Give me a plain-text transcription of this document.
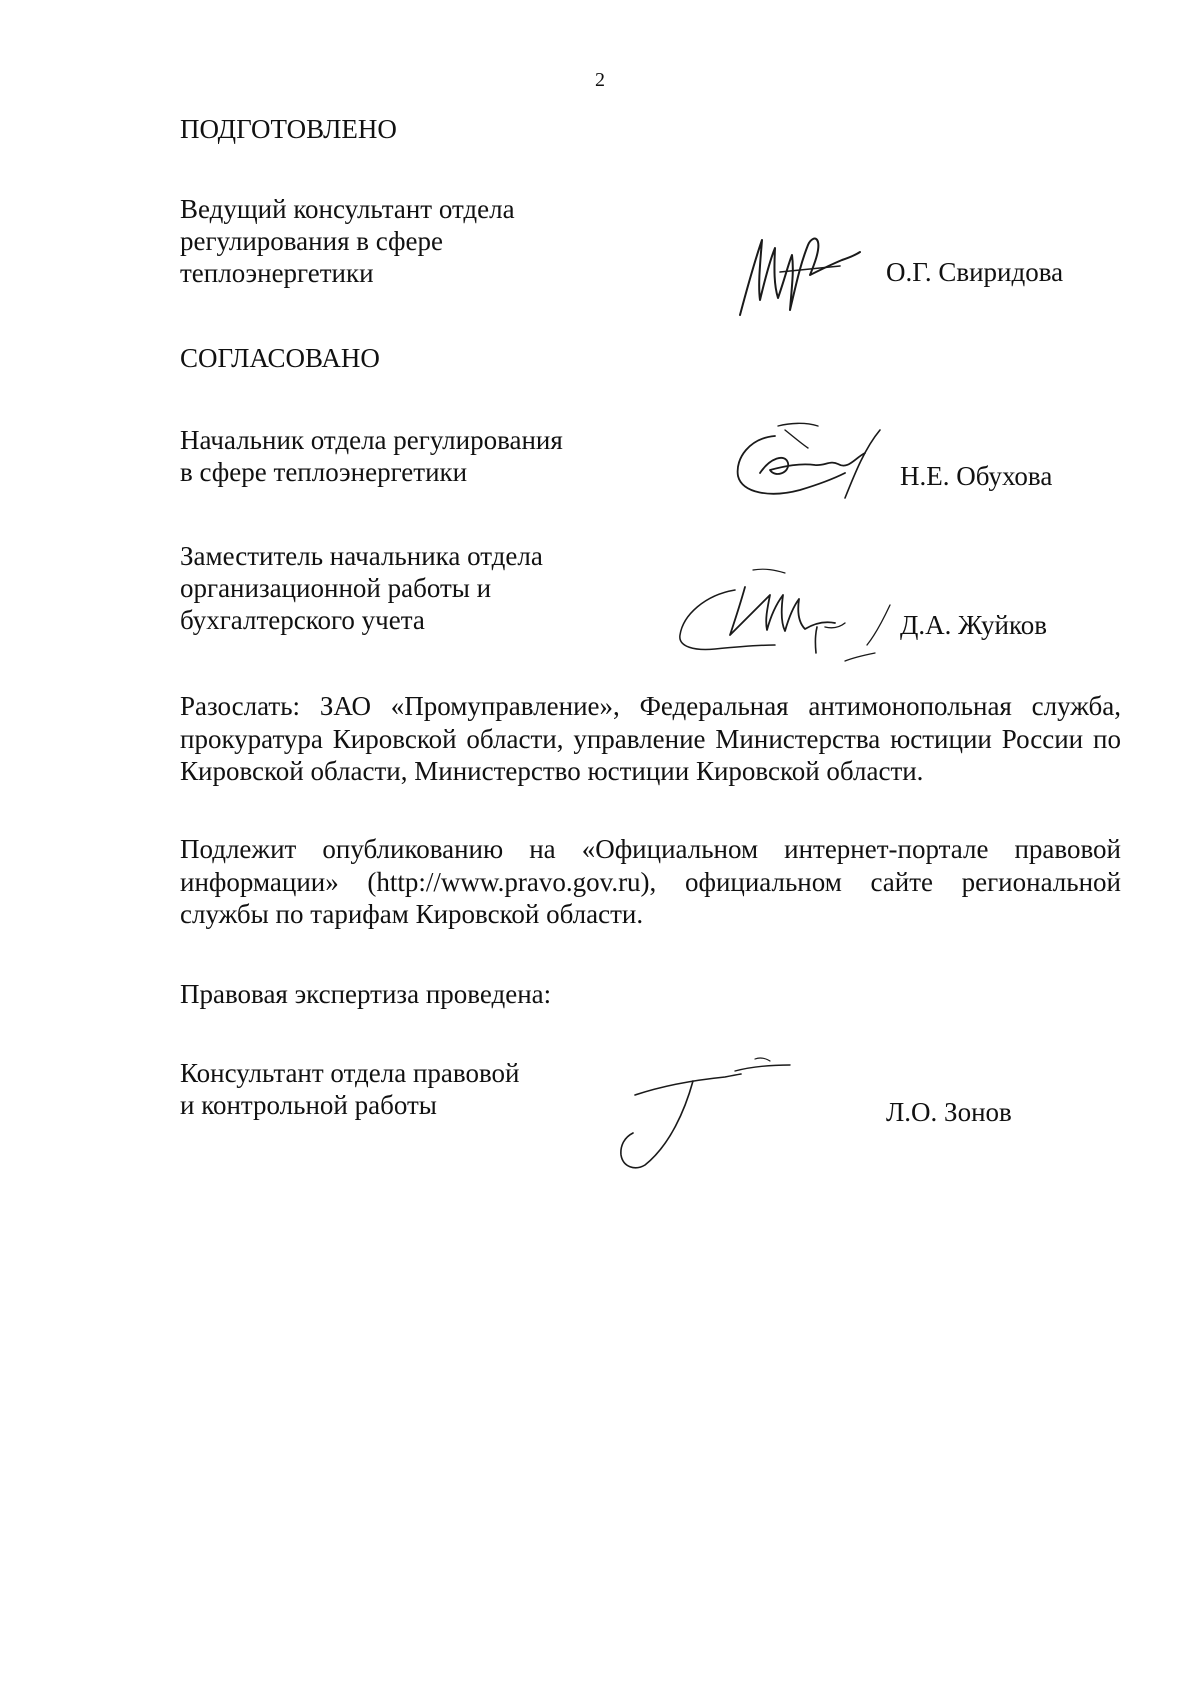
2
ПОДГОТОВЛЕНО

Ведущий консультант отдела

регулирования в сфере

теплоэнергетики	О.Г. Свиридова
СОГЛАСОВАНО

Начальник отдела регулирования

в сфере теплоэнергетики	Н.Е. Обухова

Заместитель начальника отдела

организационной работы и

бухгалтерского учета	Д.А. Жуйков

Разослать: ЗАО «Промуправление», Федеральная антимонопольная служба, прокуратура Кировской области, управление Министерства юстиции России по Кировской области, Министерство юстиции Кировской области.

Подлежит опубликованию на «Официальном интернет-портале правовой информации» (http://www.pravo.gov.ru), официальном сайте региональной службы по тарифам Кировской области.

Правовая экспертиза проведена:

Консультант отдела правовой

и контрольной работы	Л.О. Зонов
